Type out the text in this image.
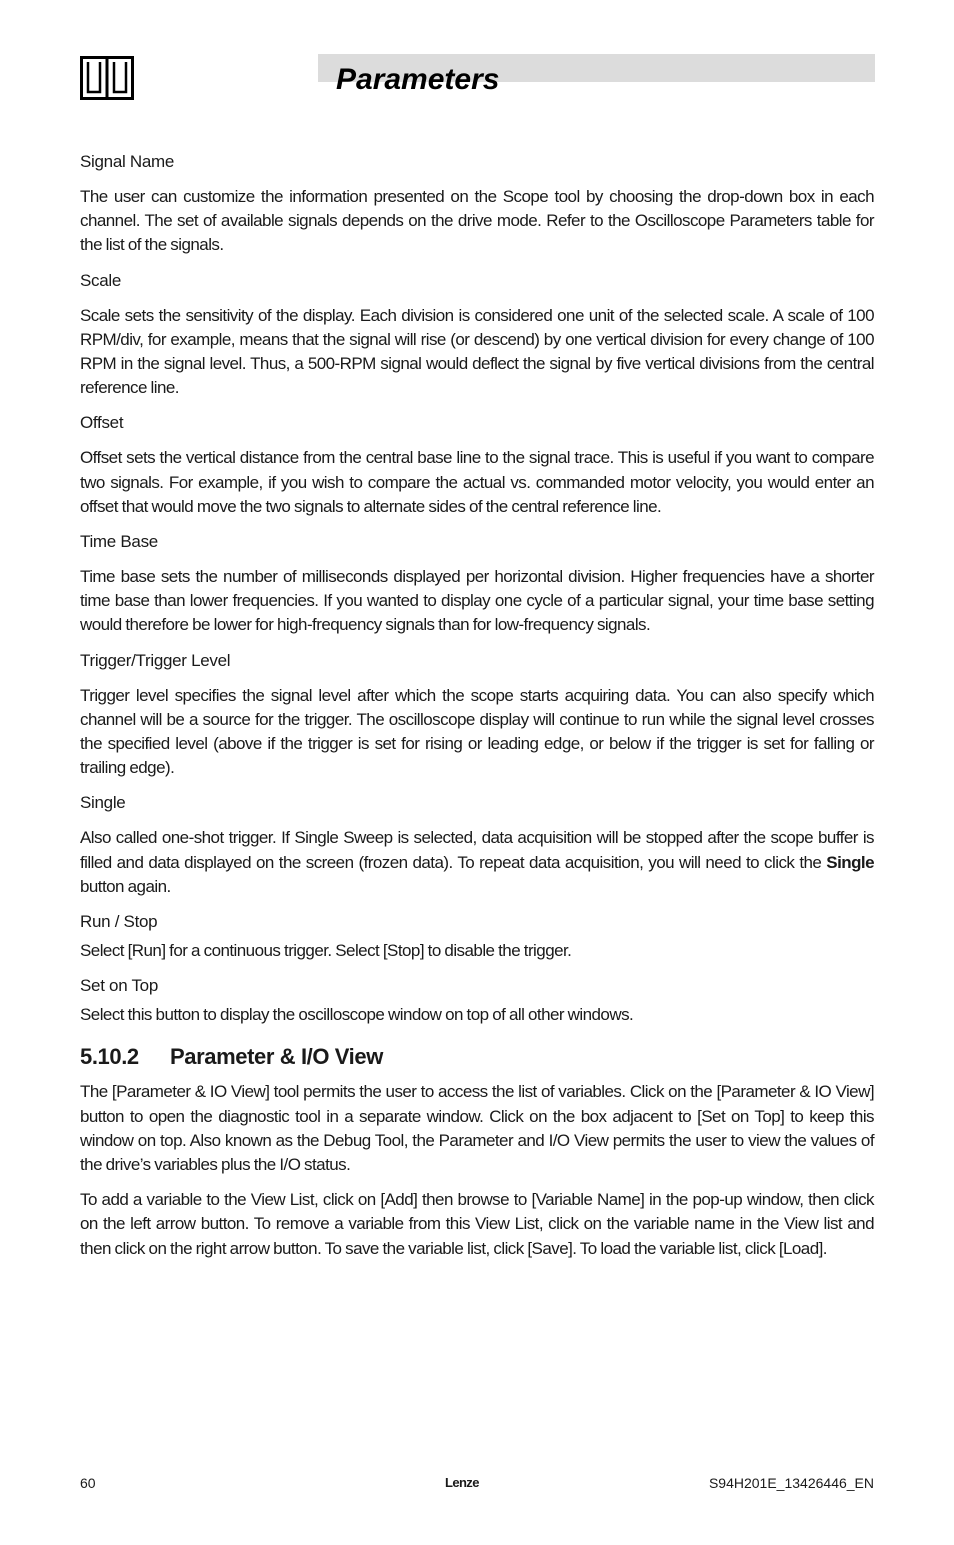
Parameters

Signal Name

The user can customize the information presented on the Scope tool by choosing the drop-down box in each channel. The set of available signals depends on the drive mode. Refer to the Oscilloscope Parameters table for the list of the signals.

Scale

Scale sets the sensitivity of the display. Each division is considered one unit of the selected scale. A scale of 100 RPM/div, for example, means that the signal will rise (or descend) by one vertical division for every change of 100 RPM in the signal level. Thus, a 500-RPM signal would deflect the signal by five vertical divisions from the central reference line.

Offset

Offset sets the vertical distance from the central base line to the signal trace. This is useful if you want to compare two signals. For example, if you wish to compare the actual vs. commanded motor velocity, you would enter an offset that would move the two signals to alternate sides of the central reference line.

Time Base

Time base sets the number of milliseconds displayed per horizontal division. Higher frequencies have a shorter time base than lower frequencies. If you wanted to display one cycle of a particular signal, your time base setting would therefore be lower for high-frequency signals than for low-frequency signals.

Trigger/Trigger Level

Trigger level specifies the signal level after which the scope starts acquiring data. You can also specify which channel will be a source for the trigger. The oscilloscope display will continue to run while the signal level crosses the specified level (above if the trigger is set for rising or leading edge, or below if the trigger is set for falling or trailing edge).

Single

Also called one-shot trigger. If Single Sweep is selected, data acquisition will be stopped after the scope buffer is filled and data displayed on the screen (frozen data). To repeat data acquisition, you will need to click the Single button again.

Run / Stop

Select [Run] for a continuous trigger. Select [Stop] to disable the trigger.

Set on Top

Select this button to display the oscilloscope window on top of all other windows.

5.10.2 Parameter & I/O View

The [Parameter & IO View] tool permits the user to access the list of variables. Click on the [Parameter & IO View] button to open the diagnostic tool in a separate window. Click on the box adjacent to [Set on Top] to keep this window on top. Also known as the Debug Tool, the Parameter and I/O View permits the user to view the values of the drive’s variables plus the I/O status.

To add a variable to the View List, click on [Add] then browse to [Variable Name] in the pop-up window, then click on the left arrow button. To remove a variable from this View List, click on the variable name in the View list and then click on the right arrow button. To save the variable list, click [Save]. To load the variable list, click [Load].

60	Lenze	S94H201E_13426446_EN
